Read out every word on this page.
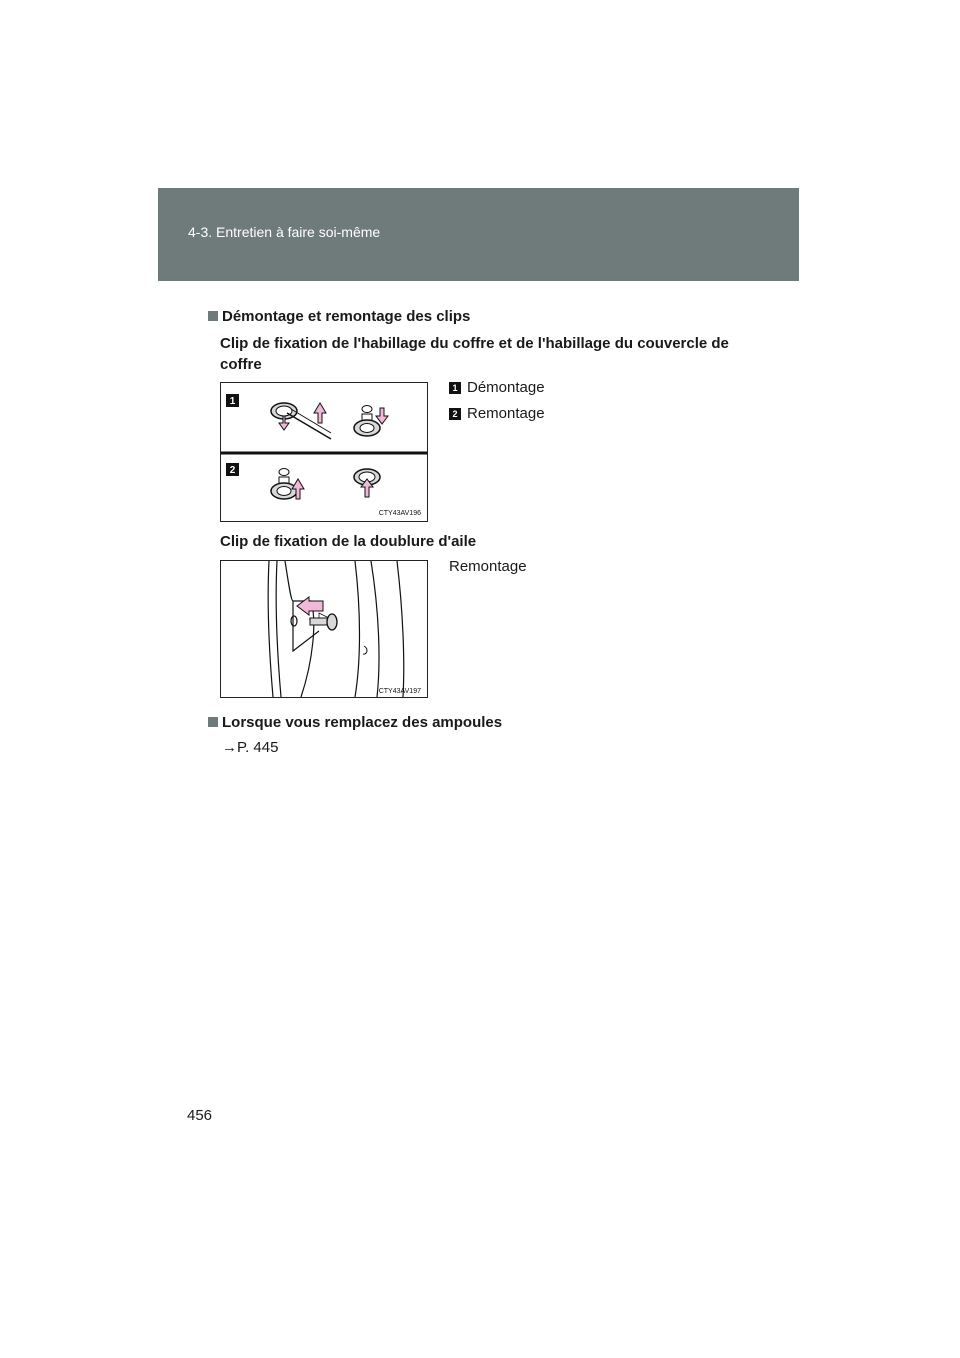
4-3. Entretien à faire soi-même
Démontage et remontage des clips
Clip de fixation de l'habillage du coffre et de l'habillage du couvercle de coffre
1
2
CTY43AV196
1 Démontage
2 Remontage
Clip de fixation de la doublure d'aile
CTY43AV197
Remontage
Lorsque vous remplacez des ampoules
→P. 445
456
